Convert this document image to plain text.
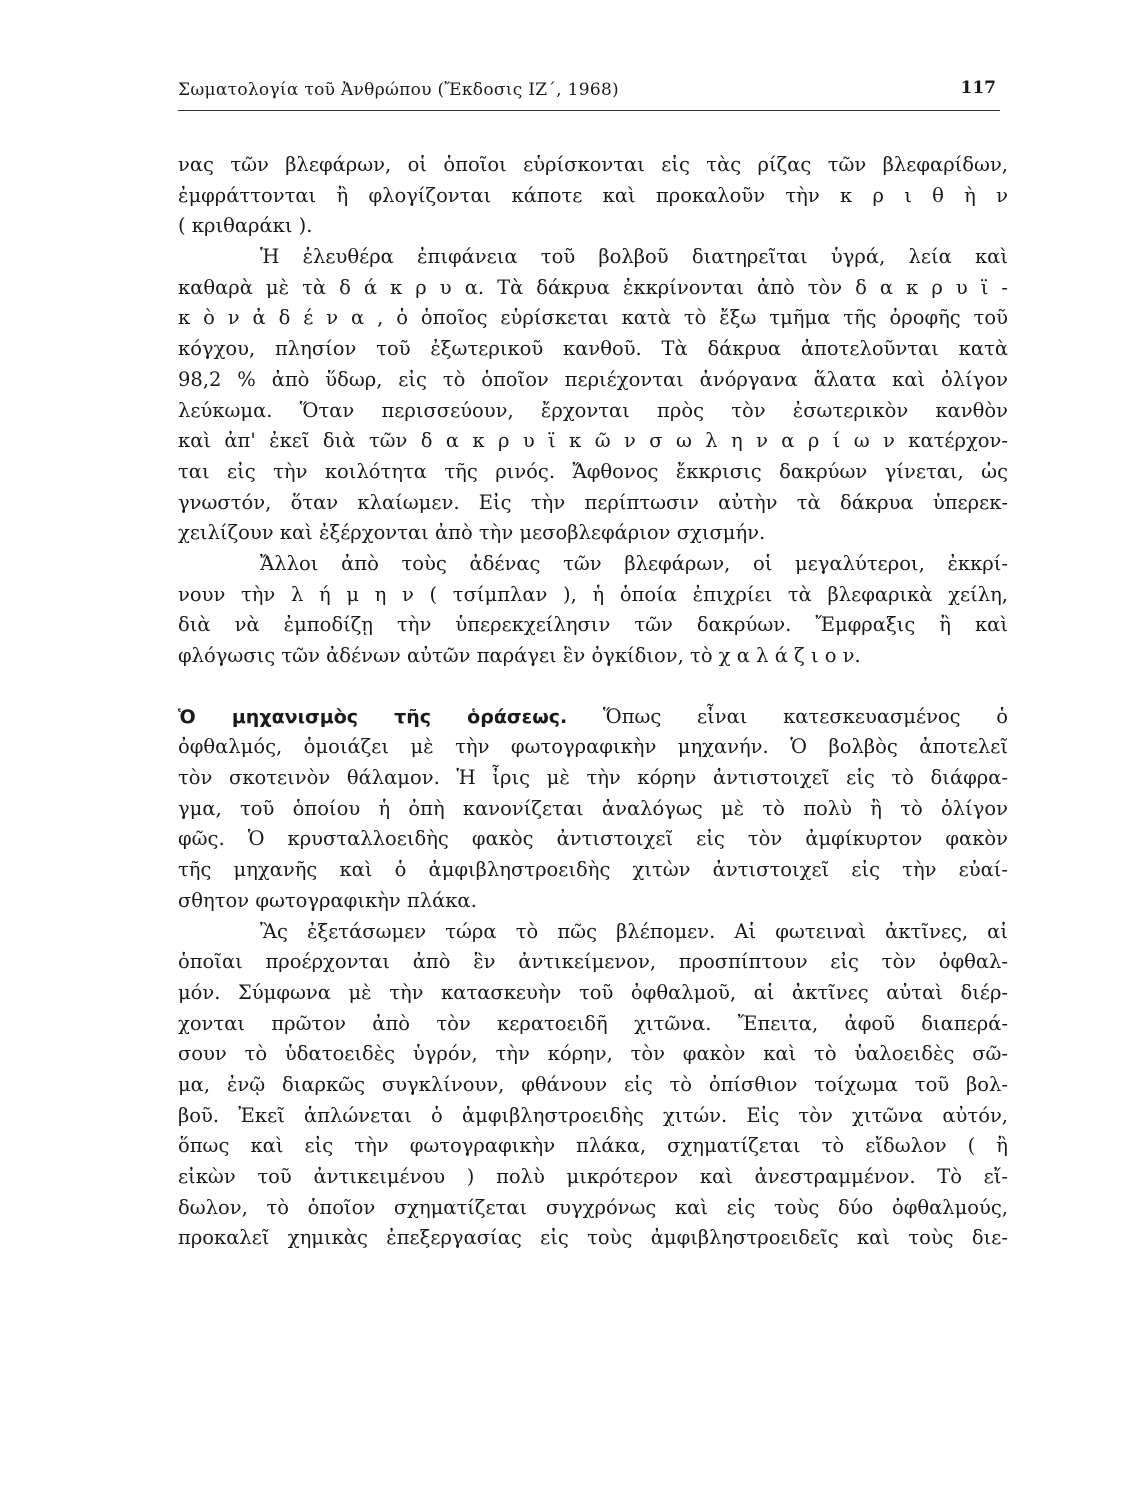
Σωματολογία τοῦ Ἀνθρώπου (Ἔκδοσις ΙΖ΄, 1968)	117
νας τῶν βλεφάρων, οἱ ὁποῖοι εὑρίσκονται εἰς τὰς ρίζας τῶν βλεφαρίδων,
ἐμφράττονται ἢ φλογίζονται κάποτε καὶ προκαλοῦν τὴν κ ρ ι θ ὴ ν
( κριθαράκι ).
Ἡ ἐλευθέρα ἐπιφάνεια τοῦ βολβοῦ διατηρεῖται ὑγρά, λεία καὶ
καθαρὰ μὲ τὰ δ ά κ ρ υ α. Τὰ δάκρυα ἐκκρίνονται ἀπὸ τὸν δ α κ ρ υ ϊ -
κ ὸ ν ἀ δ έ ν α , ὁ ὁποῖος εὑρίσκεται κατὰ τὸ ἔξω τμῆμα τῆς ὀροφῆς τοῦ
κόγχου, πλησίον τοῦ ἐξωτερικοῦ κανθοῦ. Τὰ δάκρυα ἀποτελοῦνται κατὰ
98,2 % ἀπὸ ὕδωρ, εἰς τὸ ὁποῖον περιέχονται ἀνόργανα ἅλατα καὶ ὀλίγον
λεύκωμα. Ὅταν περισσεύουν, ἔρχονται πρὸς τὸν ἐσωτερικὸν κανθὸν
καὶ ἀπ' ἐκεῖ διὰ τῶν δ α κ ρ υ ϊ κ ῶ ν σ ω λ η ν α ρ ί ω ν κατέρχον-
ται εἰς τὴν κοιλότητα τῆς ρινός. Ἄφθονος ἔκκρισις δακρύων γίνεται, ὡς
γνωστόν, ὅταν κλαίωμεν. Εἰς τὴν περίπτωσιν αὐτὴν τὰ δάκρυα ὑπερεκ-
χειλίζουν καὶ ἐξέρχονται ἀπὸ τὴν μεσοβλεφάριον σχισμήν.
Ἄλλοι ἀπὸ τοὺς ἀδένας τῶν βλεφάρων, οἱ μεγαλύτεροι, ἐκκρί-
νουν τὴν λ ή μ η ν ( τσίμπλαν ), ἡ ὁποία ἐπιχρίει τὰ βλεφαρικὰ χείλη,
διὰ νὰ ἐμποδίζῃ τὴν ὑπερεκχείλησιν τῶν δακρύων. Ἔμφραξις ἢ καὶ
φλόγωσις τῶν ἀδένων αὐτῶν παράγει ἓν ὀγκίδιον, τὸ χ α λ ά ζ ι ο ν.
Ὁ μηχανισμὸς τῆς ὁράσεως. Ὅπως εἶναι κατεσκευασμένος ὁ
ὀφθαλμός, ὁμοιάζει μὲ τὴν φωτογραφικὴν μηχανήν. Ὁ βολβὸς ἀποτελεῖ
τὸν σκοτεινὸν θάλαμον. Ἡ ἶρις μὲ τὴν κόρην ἀντιστοιχεῖ εἰς τὸ διάφρα-
γμα, τοῦ ὁποίου ἡ ὀπὴ κανονίζεται ἀναλόγως μὲ τὸ πολὺ ἢ τὸ ὀλίγον
φῶς. Ὁ κρυσταλλοειδὴς φακὸς ἀντιστοιχεῖ εἰς τὸν ἀμφίκυρτον φακὸν
τῆς μηχανῆς καὶ ὁ ἀμφιβληστροειδὴς χιτὼν ἀντιστοιχεῖ εἰς τὴν εὐαί-
σθητον φωτογραφικὴν πλάκα.
Ἂς ἐξετάσωμεν τώρα τὸ πῶς βλέπομεν. Αἱ φωτειναὶ ἀκτῖνες, αἱ
ὁποῖαι προέρχονται ἀπὸ ἓν ἀντικείμενον, προσπίπτουν εἰς τὸν ὀφθαλ-
μόν. Σύμφωνα μὲ τὴν κατασκευὴν τοῦ ὀφθαλμοῦ, αἱ ἀκτῖνες αὐταὶ διέρ-
χονται πρῶτον ἀπὸ τὸν κερατοειδῆ χιτῶνα. Ἔπειτα, ἀφοῦ διαπερά-
σουν τὸ ὑδατοειδὲς ὑγρόν, τὴν κόρην, τὸν φακὸν καὶ τὸ ὑαλοειδὲς σῶ-
μα, ἐνῷ διαρκῶς συγκλίνουν, φθάνουν εἰς τὸ ὀπίσθιον τοίχωμα τοῦ βολ-
βοῦ. Ἐκεῖ ἁπλώνεται ὁ ἀμφιβληστροειδὴς χιτών. Εἰς τὸν χιτῶνα αὐτόν,
ὅπως καὶ εἰς τὴν φωτογραφικὴν πλάκα, σχηματίζεται τὸ εἴδωλον ( ἢ
εἰκὼν τοῦ ἀντικειμένου ) πολὺ μικρότερον καὶ ἀνεστραμμένον. Τὸ εἴ-
δωλον, τὸ ὁποῖον σχηματίζεται συγχρόνως καὶ εἰς τοὺς δύο ὀφθαλμούς,
προκαλεῖ χημικὰς ἐπεξεργασίας εἰς τοὺς ἀμφιβληστροειδεῖς καὶ τοὺς διε-
